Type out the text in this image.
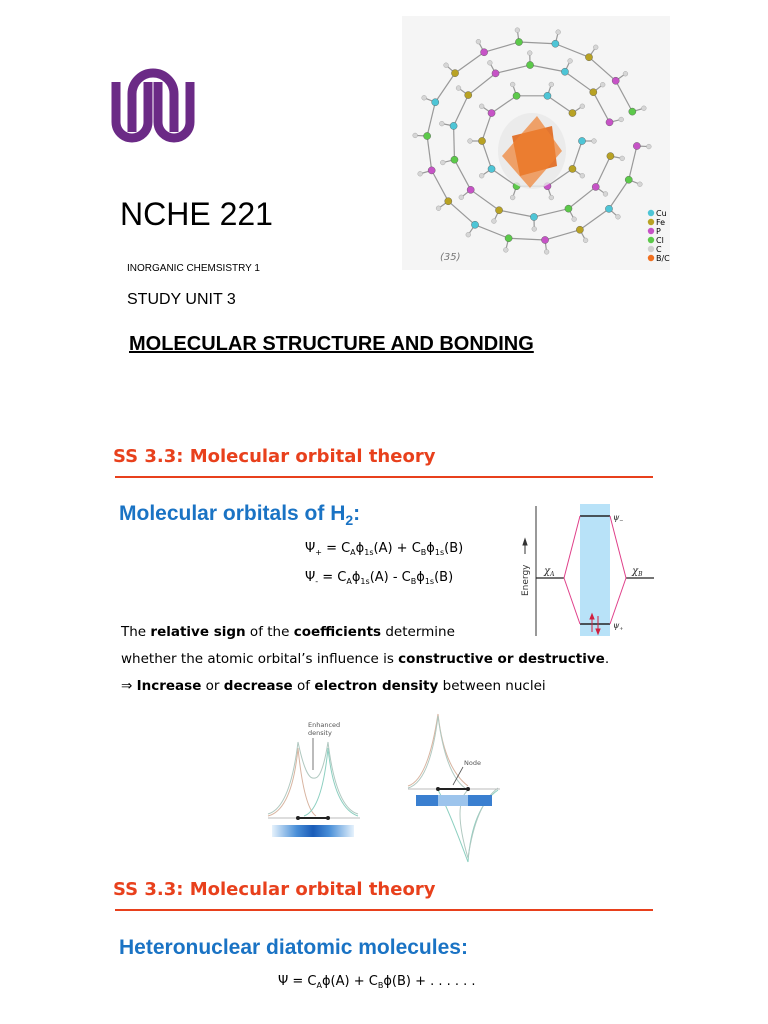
(35)
Cu
Fe
P
Cl
C
B/C
NCHE 221
INORGANIC CHEMSISTRY 1
STUDY UNIT 3
MOLECULAR STRUCTURE AND BONDING
SS 3.3: Molecular orbital theory
Molecular orbitals of $H_2$:
$\Psi_+$ = $C_Aɸ_{1s}(A)$ + $C_Bɸ_{1s}(B)$
$\Psi_-$ = $C_Aɸ_{1s}(A)$ - $C_Bɸ_{1s}(B)$
The relative sign of the coefficients determine
whether the atomic orbital’s influence is constructive or destructive.
⇒ Increase or decrease of electron density between nuclei
Energy $\chi_A$	$\chi_B$
$\psi_-$
$\psi_+$
Enhanced
density
Node
SS 3.3: Molecular orbital theory
Heteronuclear diatomic molecules:
$\Psi = C_Aɸ(A)$ + $C_Bɸ(B)$ + . . . . . .
